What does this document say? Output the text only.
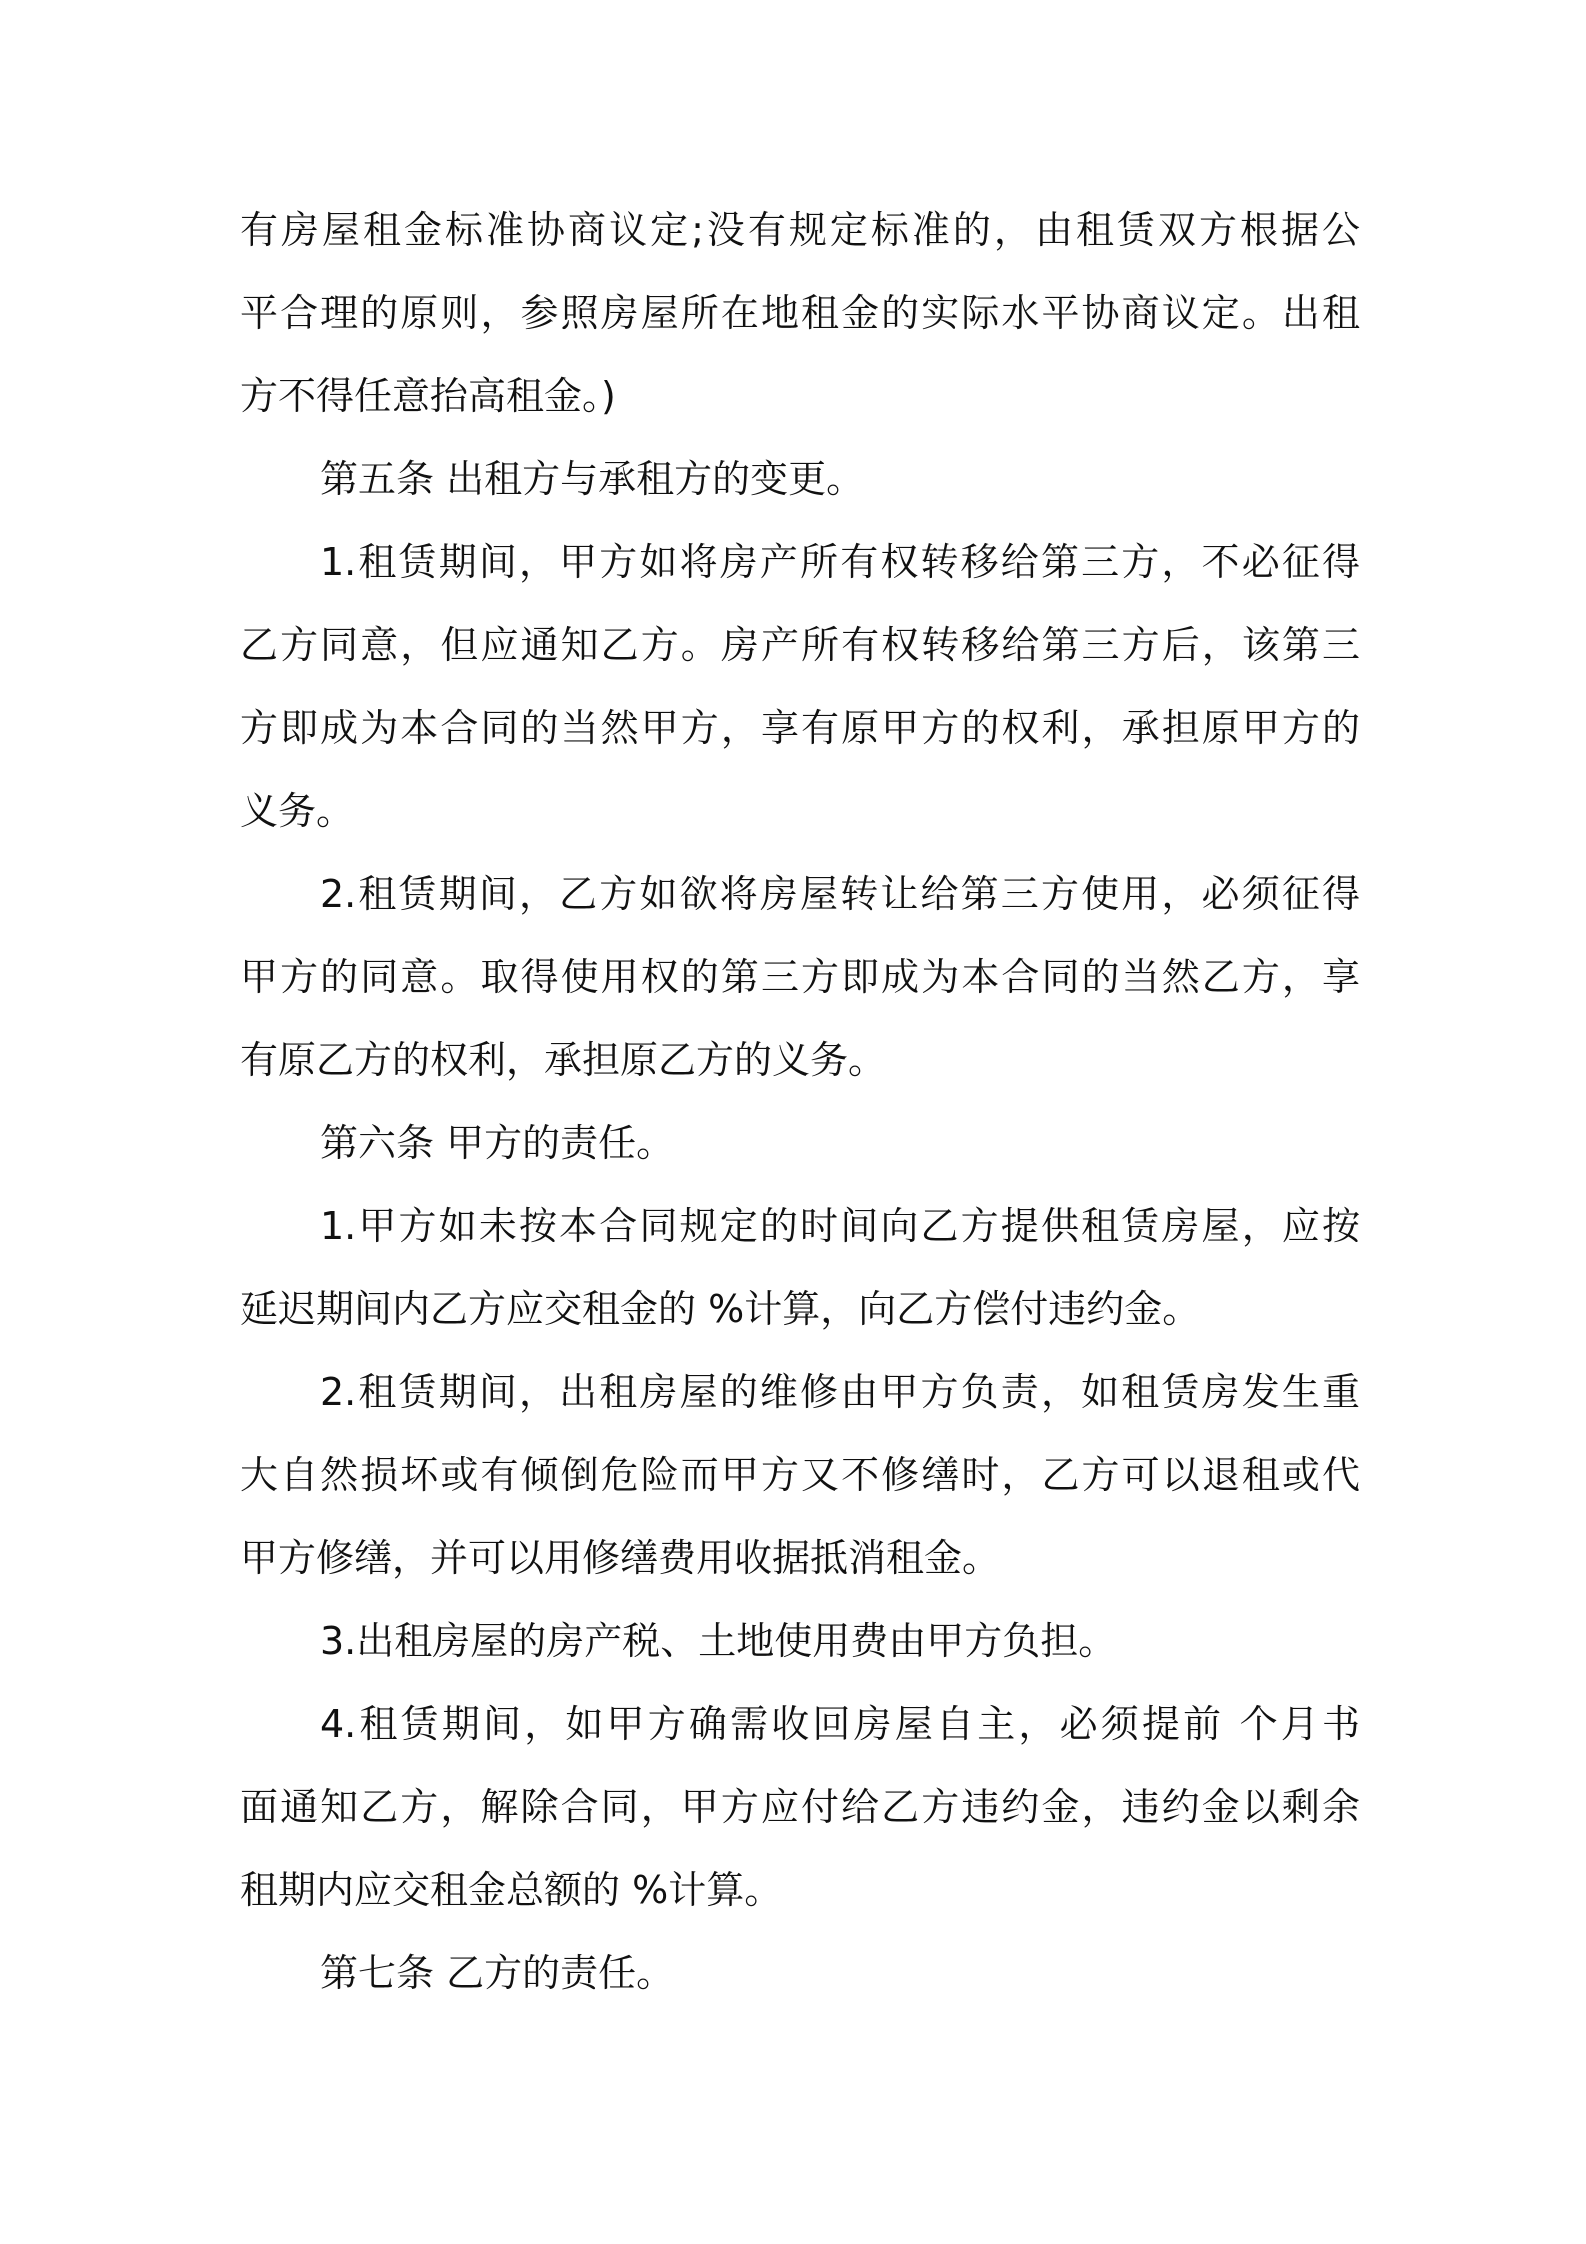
有房屋租金标准协商议定;没有规定标准的，由租赁双方根据公
平合理的原则，参照房屋所在地租金的实际水平协商议定。出租
方不得任意抬高租金。)
第五条 出租方与承租方的变更。
1.租赁期间，甲方如将房产所有权转移给第三方，不必征得
乙方同意，但应通知乙方。房产所有权转移给第三方后，该第三
方即成为本合同的当然甲方，享有原甲方的权利，承担原甲方的
义务。
2.租赁期间，乙方如欲将房屋转让给第三方使用，必须征得
甲方的同意。取得使用权的第三方即成为本合同的当然乙方，享
有原乙方的权利，承担原乙方的义务。
第六条 甲方的责任。
1.甲方如未按本合同规定的时间向乙方提供租赁房屋，应按
延迟期间内乙方应交租金的 %计算，向乙方偿付违约金。
2.租赁期间，出租房屋的维修由甲方负责，如租赁房发生重
大自然损坏或有倾倒危险而甲方又不修缮时，乙方可以退租或代
甲方修缮，并可以用修缮费用收据抵消租金。
3.出租房屋的房产税、土地使用费由甲方负担。
4.租赁期间，如甲方确需收回房屋自主，必须提前 个月书
面通知乙方，解除合同，甲方应付给乙方违约金，违约金以剩余
租期内应交租金总额的 %计算。
第七条 乙方的责任。
